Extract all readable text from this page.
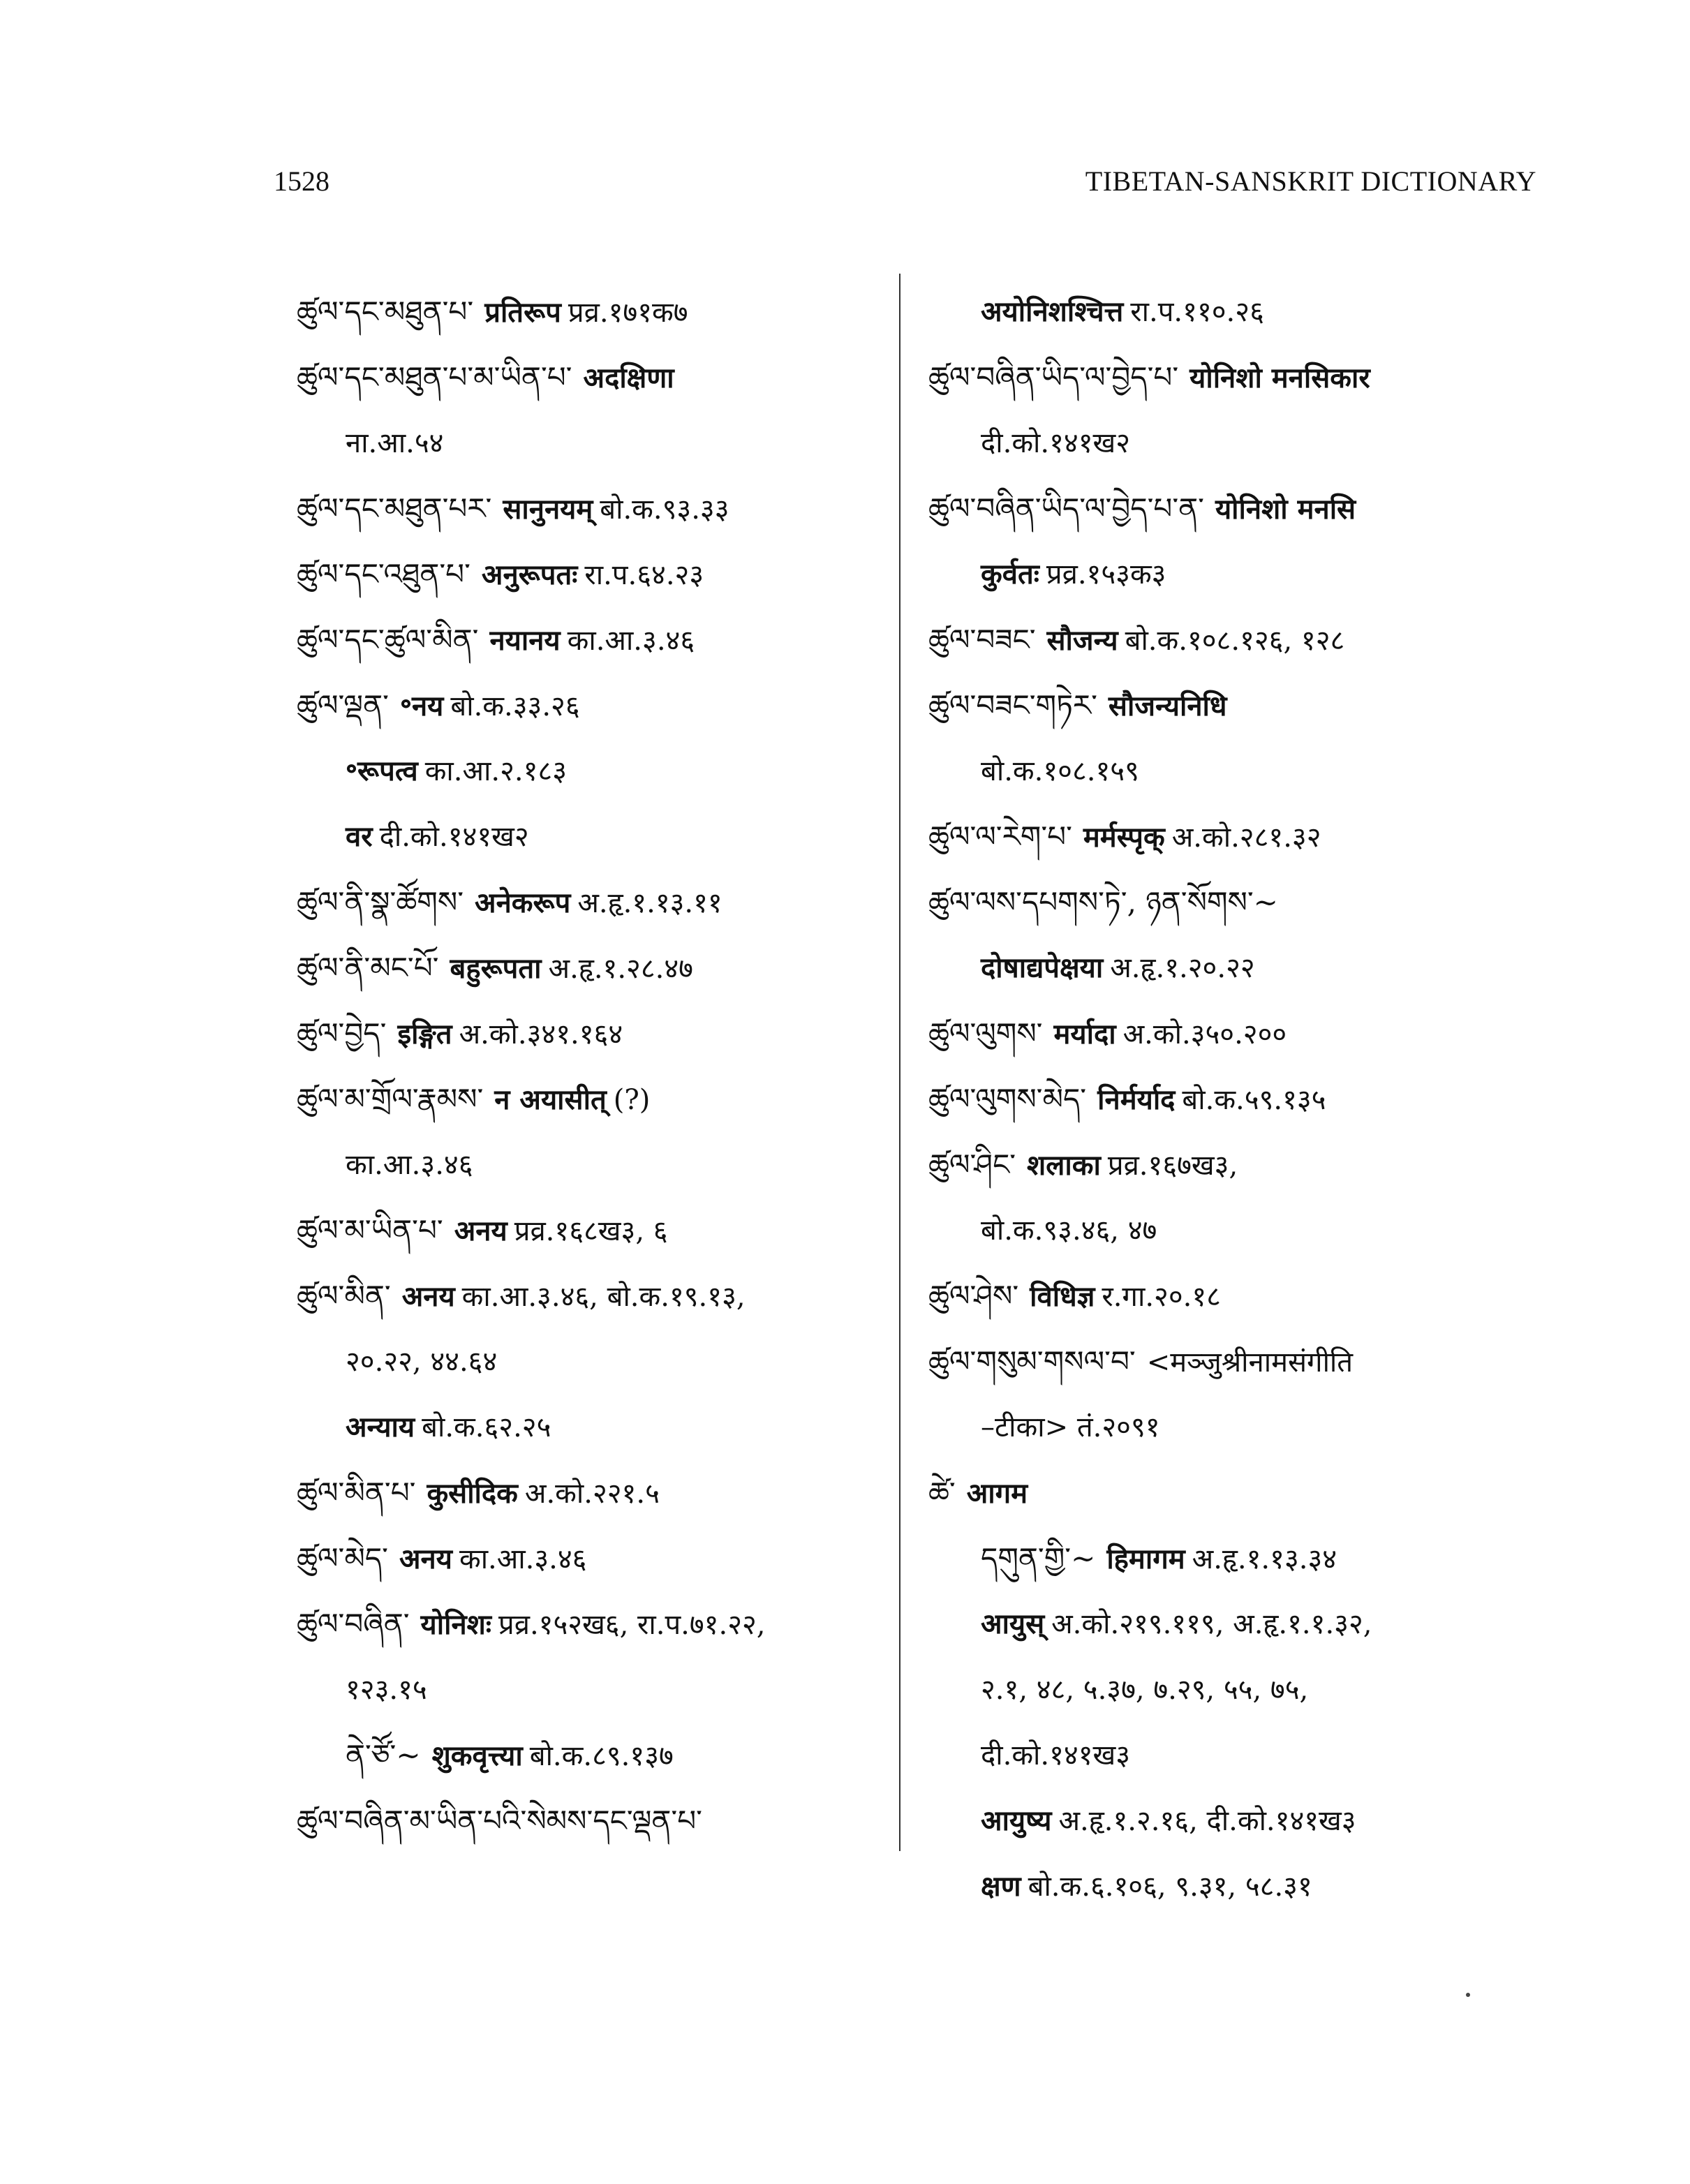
1528	TIBETAN-SANSKRIT DICTIONARY
ཚུལ་དང་མཐུན་པ་ प्रतिरूप प्रव्र.१७१क७
ཚུལ་དང་མཐུན་པ་མ་ཡིན་པ་ अदक्षिणा
ना.आ.५४
ཚུལ་དང་མཐུན་པར་ सानुनयम् बो.क.९३.३३
ཚུལ་དང་འཐུན་པ་ अनुरूपतः रा.प.६४.२३
ཚུལ་དང་ཚུལ་མིན་ नयानय का.आ.३.४६
ཚུལ་ལྡན་ ॰नय बो.क.३३.२६
॰रूपत्व का.आ.२.१८३
वर दी.को.१४१ख२
ཚུལ་ནི་སྣ་ཚོགས་ अनेकरूप अ.हृ.१.१३.११
ཚུལ་ནི་མང་པོ་ बहुरूपता अ.हृ.१.२८.४७
ཚུལ་བྱེད་ इङ्गित अ.को.३४१.१६४
ཚུལ་མ་གྲོལ་རྣམས་ न अयासीत् (?)
का.आ.३.४६
ཚུལ་མ་ཡིན་པ་ अनय प्रव्र.१६८ख३, ६
ཚུལ་མིན་ अनय का.आ.३.४६, बो.क.१९.१३,
२०.२२, ४४.६४
अन्याय बो.क.६२.२५
ཚུལ་མིན་པ་ कुसीदिक अ.को.२२१.५
ཚུལ་མེད་ अनय का.आ.३.४६
ཚུལ་བཞིན་ योनिशः प्रव्र.१५२ख६, रा.प.७१.२२,
१२३.१५
ནེ་ཙོ་~ शुकवृत्त्या बो.क.८९.१३७
ཚུལ་བཞིན་མ་ཡིན་པའི་སེམས་དང་ལྡན་པ་
अयोनिशश्चित्त रा.प.११०.२६
ཚུལ་བཞིན་ཡིད་ལ་བྱེད་པ་ योनिशो मनसिकार
दी.को.१४१ख२
ཚུལ་བཞིན་ཡིད་ལ་བྱེད་པ་ན་ योनिशो मनसि
कुर्वतः प्रव्र.१५३क३
ཚུལ་བཟང་ सौजन्य बो.क.१०८.१२६, १२८
ཚུལ་བཟང་གཏེར་ सौजन्यनिधि
बो.क.१०८.१५९
ཚུལ་ལ་རེག་པ་ मर्मस्पृक् अ.को.२८१.३२
ཚུལ་ལས་དཔགས་ཏེ་, ཉན་སོགས་~
दोषाद्यपेक्षया अ.हृ.१.२०.२२
ཚུལ་ལུགས་ मर्यादा अ.को.३५०.२००
ཚུལ་ལུགས་མེད་ निर्मर्याद बो.क.५९.१३५
ཚུལ་ཤིང་ शलाका प्रव्र.१६७ख३,
बो.क.९३.४६, ४७
ཚུལ་ཤེས་ विधिज्ञ र.गा.२०.१८
ཚུལ་གསུམ་གསལ་བ་ <मञ्जुश्रीनामसंगीति
–टीका> तं.२०९१
ཚེ་ आगम
དགུན་གྱི་~ हिमागम अ.हृ.१.१३.३४
आयुस् अ.को.२१९.११९, अ.हृ.१.१.३२,
२.१, ४८, ५.३७, ७.२९, ५५, ७५,
दी.को.१४१ख३
आयुष्य अ.हृ.१.२.१६, दी.को.१४१ख३
क्षण बो.क.६.१०६, ९.३१, ५८.३१
